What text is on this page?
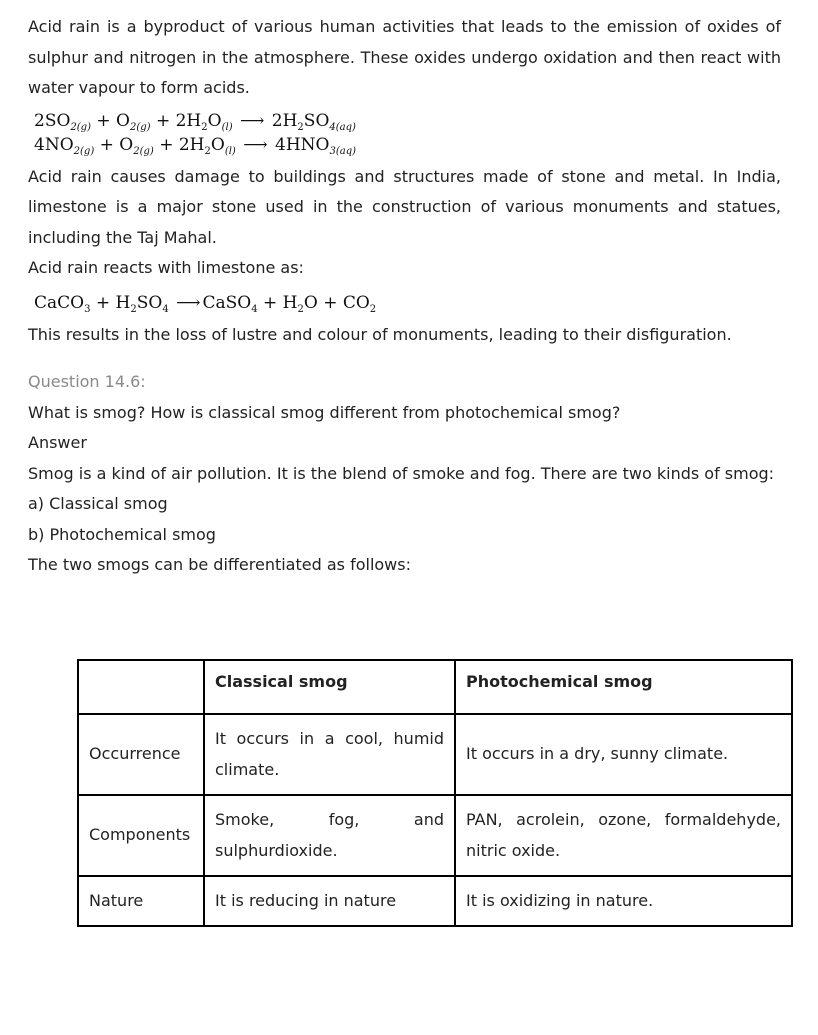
Acid rain is a byproduct of various human activities that leads to the emission of oxides of sulphur and nitrogen in the atmosphere. These oxides undergo oxidation and then react with water vapour to form acids.

$2SO_{2(g)} + O_{2(g)} + 2H_2O_{(l)}$ ⟶ $2H_2SO_{4(aq)}$
$4NO_{2(g)} + O_{2(g)} + 2H_2O_{(l)}$ ⟶ $4HNO_{3(aq)}$

Acid rain causes damage to buildings and structures made of stone and metal. In India, limestone is a major stone used in the construction of various monuments and statues, including the Taj Mahal.

Acid rain reacts with limestone as:

CaCO$_3$ + $H_2SO_4$ ⟶ CaSO$_4$ + $H_2O + CO_2$

This results in the loss of lustre and colour of monuments, leading to their disfiguration.

Question 14.6:

What is smog? How is classical smog different from photochemical smog?

Answer

Smog is a kind of air pollution. It is the blend of smoke and fog. There are two kinds of smog:

a) Classical smog

b) Photochemical smog

The two smogs can be differentiated as follows:

	Classical smog	Photochemical smog
Occurrence	It occurs in a cool, humid climate.	It occurs in a dry, sunny climate.
Components	Smoke, fog, and sulphurdioxide.	PAN, acrolein, ozone, formaldehyde, nitric oxide.
Nature	It is reducing in nature	It is oxidizing in nature.
